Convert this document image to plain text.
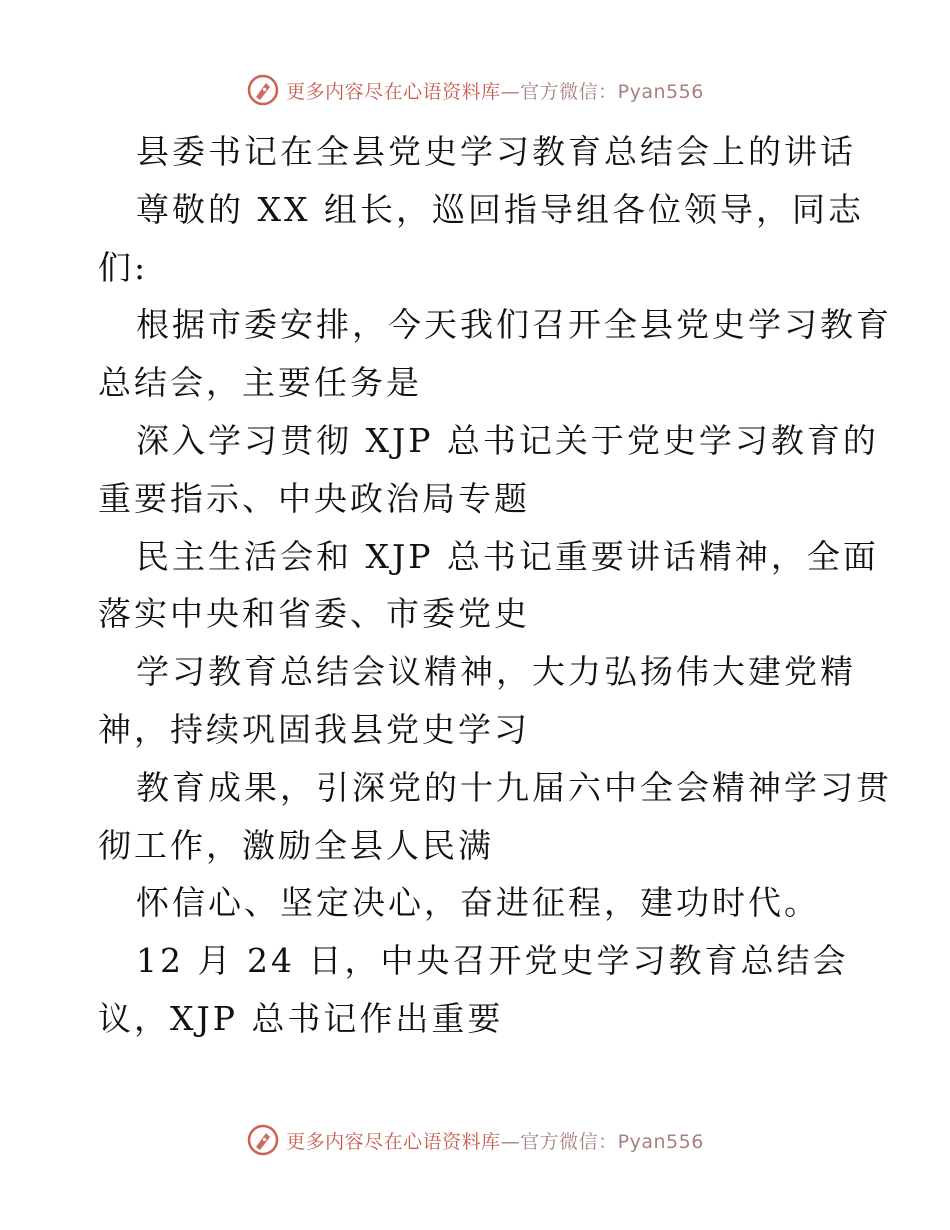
更多内容尽在心语资料库—官方微信：Pyan556
县委书记在全县党史学习教育总结会上的讲话
尊敬的 XX 组长，巡回指导组各位领导，同志
们:
根据市委安排，今天我们召开全县党史学习教育
总结会，主要任务是
深入学习贯彻 XJP 总书记关于党史学习教育的
重要指示、中央政治局专题
民主生活会和 XJP 总书记重要讲话精神，全面
落实中央和省委、市委党史
学习教育总结会议精神，大力弘扬伟大建党精
神，持续巩固我县党史学习
教育成果，引深党的十九届六中全会精神学习贯
彻工作，激励全县人民满
怀信心、坚定决心，奋进征程，建功时代。
12 月 24 日，中央召开党史学习教育总结会
议，XJP 总书记作出重要
更多内容尽在心语资料库—官方微信：Pyan556
